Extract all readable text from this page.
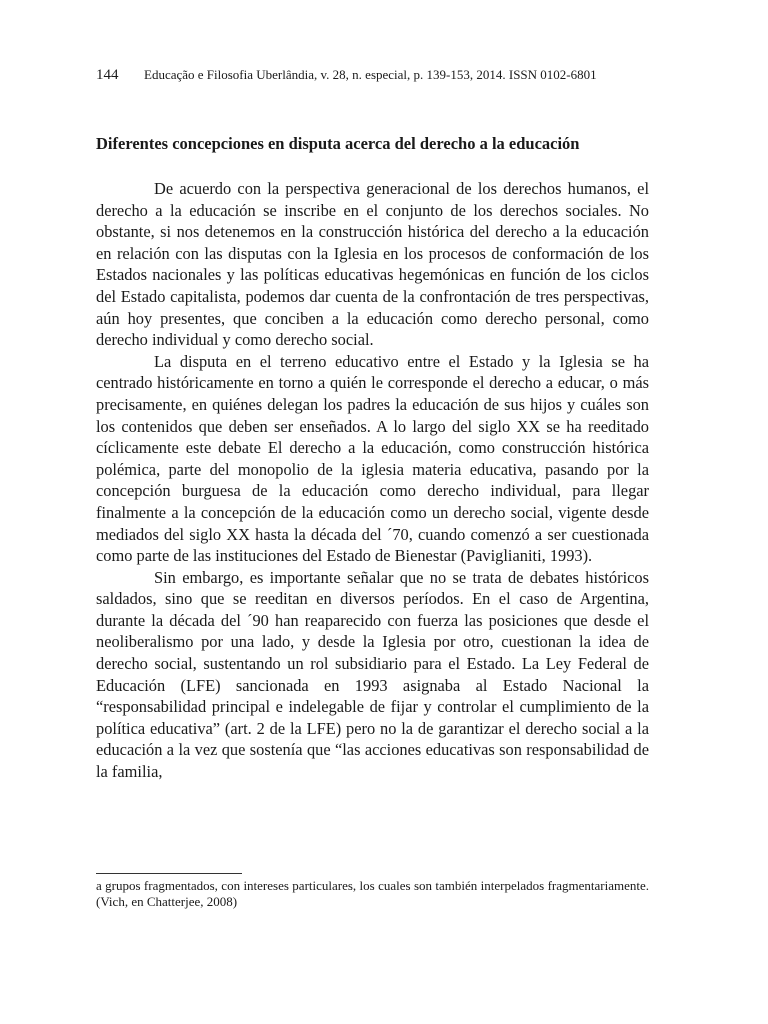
144 Educação e Filosofia Uberlândia, v. 28, n. especial, p. 139-153, 2014. ISSN 0102-6801
Diferentes concepciones en disputa acerca del derecho a la educación

De acuerdo con la perspectiva generacional de los derechos humanos, el derecho a la educación se inscribe en el conjunto de los derechos sociales. No obstante, si nos detenemos en la construcción histórica del derecho a la educación en relación con las disputas con la Iglesia en los procesos de conformación de los Estados nacionales y las políticas educativas hegemónicas en función de los ciclos del Estado capitalista, podemos dar cuenta de la confrontación de tres perspectivas, aún hoy presentes, que conciben a la educación como derecho personal, como derecho individual y como derecho social.

La disputa en el terreno educativo entre el Estado y la Iglesia se ha centrado históricamente en torno a quién le corresponde el derecho a educar, o más precisamente, en quiénes delegan los padres la educación de sus hijos y cuáles son los contenidos que deben ser enseñados. A lo largo del siglo XX se ha reeditado cíclicamente este debate El derecho a la educación, como construcción histórica polémica, parte del monopolio de la iglesia materia educativa, pasando por la concepción burguesa de la educación como derecho individual, para llegar finalmente a la concepción de la educación como un derecho social, vigente desde mediados del siglo XX hasta la década del ´70, cuando comenzó a ser cuestionada como parte de las instituciones del Estado de Bienestar (Paviglianiti, 1993).

Sin embargo, es importante señalar que no se trata de debates históricos saldados, sino que se reeditan en diversos períodos. En el caso de Argentina, durante la década del ´90 han reaparecido con fuerza las posiciones que desde el neoliberalismo por una lado, y desde la Iglesia por otro, cuestionan la idea de derecho social, sustentando un rol subsidiario para el Estado. La Ley Federal de Educación (LFE) sancionada en 1993 asignaba al Estado Nacional la “responsabilidad principal e indelegable de fijar y controlar el cumplimiento de la política educativa” (art. 2 de la LFE) pero no la de garantizar el derecho social a la educación a la vez que sostenía que “las acciones educativas son responsabilidad de la familia,

a grupos fragmentados, con intereses particulares, los cuales son también interpelados fragmentariamente. (Vich, en Chatterjee, 2008)
